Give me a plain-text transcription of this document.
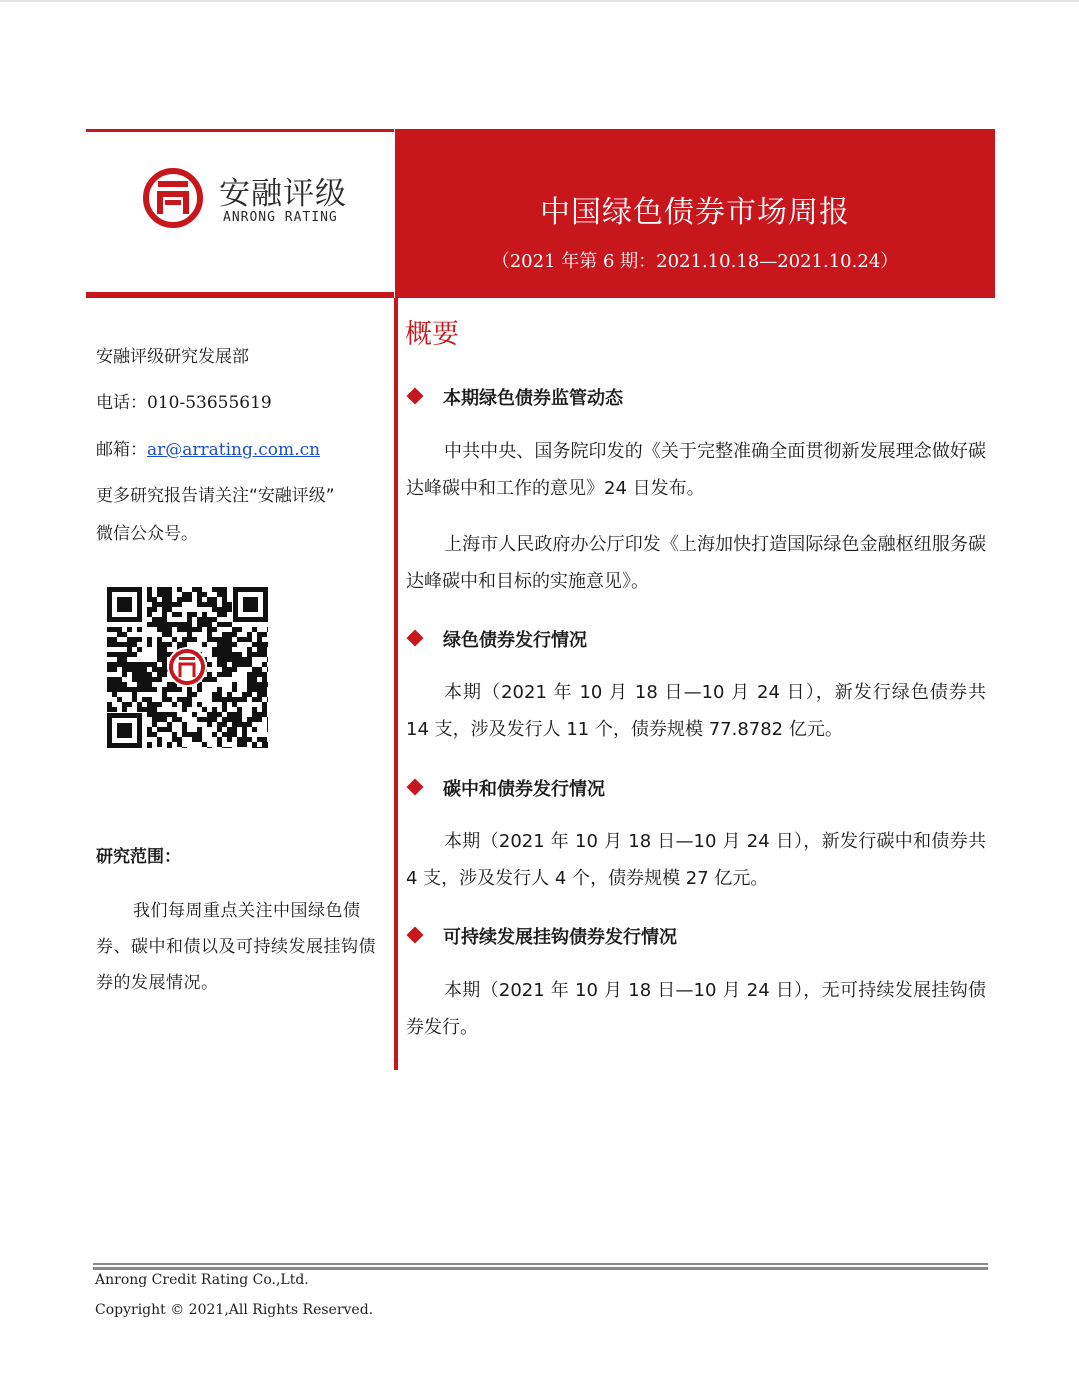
安融评级
ANRONG RATING	中国绿色债券市场周报
（2021 年第 6 期：2021.10.18—2021.10.24）
安融评级研究发展部
电话：010-53655619
邮箱：ar@arrating.com.cn
更多研究报告请关注“安融评级”
微信公众号。
研究范围：
我们每周重点关注中国绿色债券、碳中和债以及可持续发展挂钩债券的发展情况。
概要
本期绿色债券监管动态
中共中央、国务院印发的《关于完整准确全面贯彻新发展理念做好碳达峰碳中和工作的意见》24 日发布。
上海市人民政府办公厅印发《上海加快打造国际绿色金融枢纽服务碳达峰碳中和目标的实施意见》。
绿色债券发行情况
本期（2021 年 10 月 18 日—10 月 24 日），新发行绿色债券共 14 支，涉及发行人 11 个，债券规模 77.8782 亿元。
碳中和债券发行情况
本期（2021 年 10 月 18 日—10 月 24 日），新发行碳中和债券共 4 支，涉及发行人 4 个，债券规模 27 亿元。
可持续发展挂钩债券发行情况
本期（2021 年 10 月 18 日—10 月 24 日），无可持续发展挂钩债券发行。
Anrong Credit Rating Co.,Ltd.
Copyright © 2021,All Rights Reserved.
